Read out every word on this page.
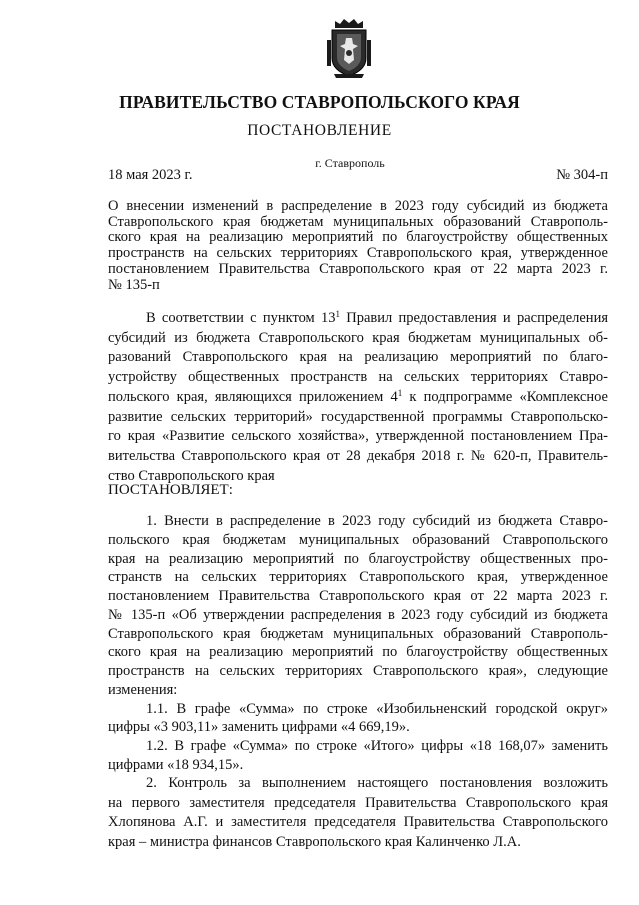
ПРАВИТЕЛЬСТВО СТАВРОПОЛЬСКОГО КРАЯ
ПОСТАНОВЛЕНИЕ
г. Ставрополь
18 мая 2023 г.	№ 304-п
О внесении изменений в распределение в 2023 году субсидий из бюджета
Ставропольского края бюджетам муниципальных образований Ставрополь-
ского края на реализацию мероприятий по благоустройству общественных
пространств на сельских территориях Ставропольского края, утвержденное
постановлением Правительства Ставропольского края от 22 марта 2023 г.
№ 135-п
В соответствии с пунктом $13^1$ Правил предоставления и распределения
субсидий из бюджета Ставропольского края бюджетам муниципальных об-
разований Ставропольского края на реализацию мероприятий по благо-
устройству общественных пространств на сельских территориях Ставро-
польского края, являющихся приложением $4^1$ к подпрограмме «Комплексное
развитие сельских территорий» государственной программы Ставропольско-
го края «Развитие сельского хозяйства», утвержденной постановлением Пра-
вительства Ставропольского края от 28 декабря 2018 г. № 620-п, Правитель-
ство Ставропольского края
ПОСТАНОВЛЯЕТ:
1. Внести в распределение в 2023 году субсидий из бюджета Ставро-
польского края бюджетам муниципальных образований Ставропольского
края на реализацию мероприятий по благоустройству общественных про-
странств на сельских территориях Ставропольского края, утвержденное
постановлением Правительства Ставропольского края от 22 марта 2023 г.
№ 135-п «Об утверждении распределения в 2023 году субсидий из бюджета
Ставропольского края бюджетам муниципальных образований Ставрополь-
ского края на реализацию мероприятий по благоустройству общественных
пространств на сельских территориях Ставропольского края», следующие
изменения:
1.1. В графе «Сумма» по строке «Изобильненский городской округ»
цифры «3 903,11» заменить цифрами «4 669,19».
1.2. В графе «Сумма» по строке «Итого» цифры «18 168,07» заменить
цифрами «18 934,15».
2. Контроль за выполнением настоящего постановления возложить
на первого заместителя председателя Правительства Ставропольского края
Хлопянова А.Г. и заместителя председателя Правительства Ставропольского
края – министра финансов Ставропольского края Калинченко Л.А.
